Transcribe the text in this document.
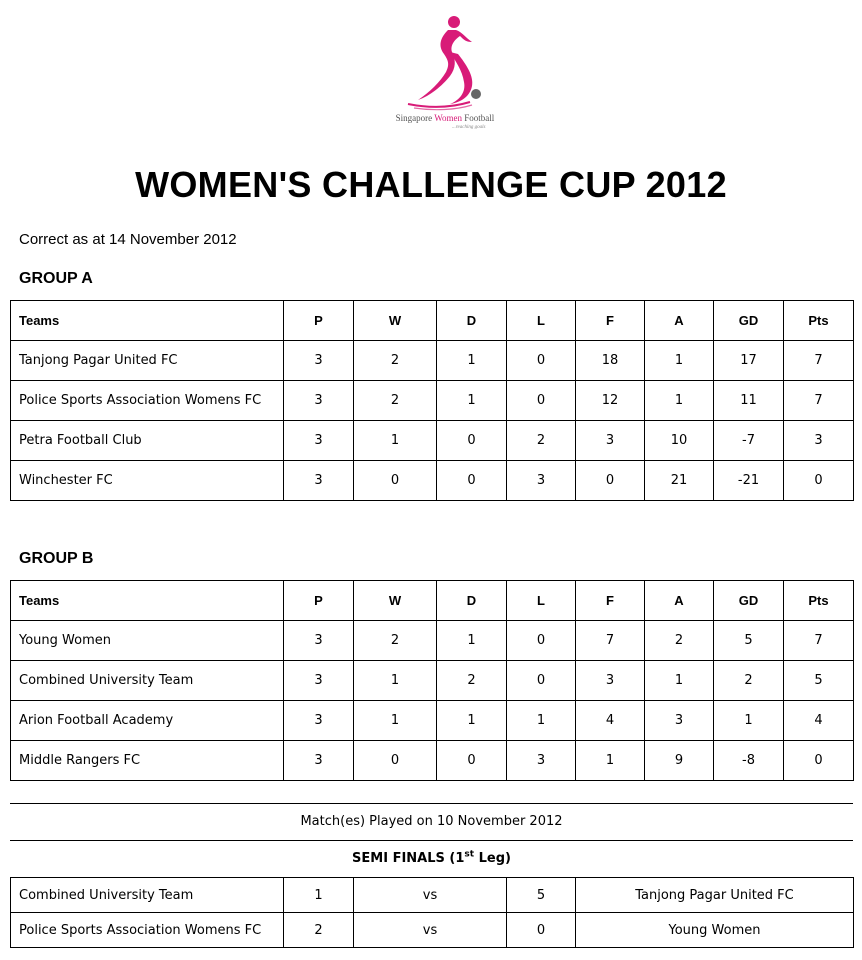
Singapore Women Football
...reaching goals
WOMEN'S CHALLENGE CUP 2012
Correct as at 14 November 2012
GROUP A
Teams	P	W	D	L	F	A	GD	Pts
Tanjong Pagar United FC	3	2	1	0	18	1	17	7
Police Sports Association Womens FC	3	2	1	0	12	1	11	7
Petra Football Club	3	1	0	2	3	10	-7	3
Winchester FC	3	0	0	3	0	21	-21	0
GROUP B
Teams	P	W	D	L	F	A	GD	Pts
Young Women	3	2	1	0	7	2	5	7
Combined University Team	3	1	2	0	3	1	2	5
Arion Football Academy	3	1	1	1	4	3	1	4
Middle Rangers FC	3	0	0	3	1	9	-8	0
Match(es) Played on 10 November 2012
SEMI FINALS (1st Leg)
Combined University Team	1	vs	5	Tanjong Pagar United FC
Police Sports Association Womens FC	2	vs	0	Young Women
